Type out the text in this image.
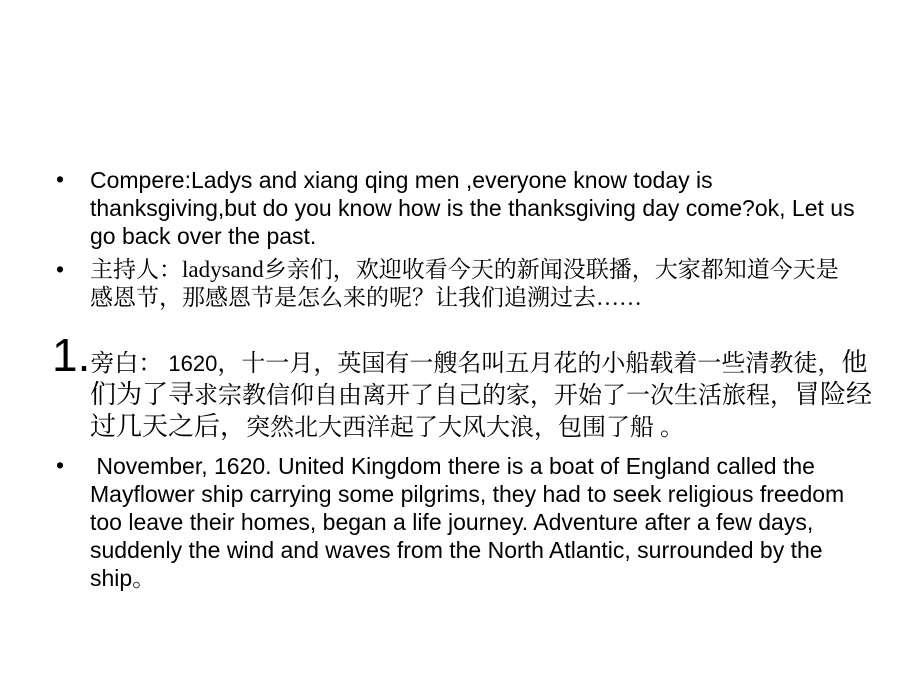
• Compere:Ladys and xiang qing men ,everyone know today is thanksgiving,but do you know how is the thanksgiving day come?ok, Let us go back over the past.
• 主持人：ladysand乡亲们，欢迎收看今天的新闻没联播，大家都知道今天是感恩节，那感恩节是怎么来的呢？让我们追溯过去……
1.旁白： 1620，十一月，英国有一艘名叫五月花的小船载着一些清教徒，他们为了寻求宗教信仰自由离开了自己的家，开始了一次生活旅程，冒险经过几天之后，突然北大西洋起了大风大浪，包围了船 。
• November, 1620. United Kingdom there is a boat of England called the Mayflower ship carrying some pilgrims, they had to seek religious freedom too leave their homes, began a life journey. Adventure after a few days, suddenly the wind and waves from the North Atlantic, surrounded by the ship。
